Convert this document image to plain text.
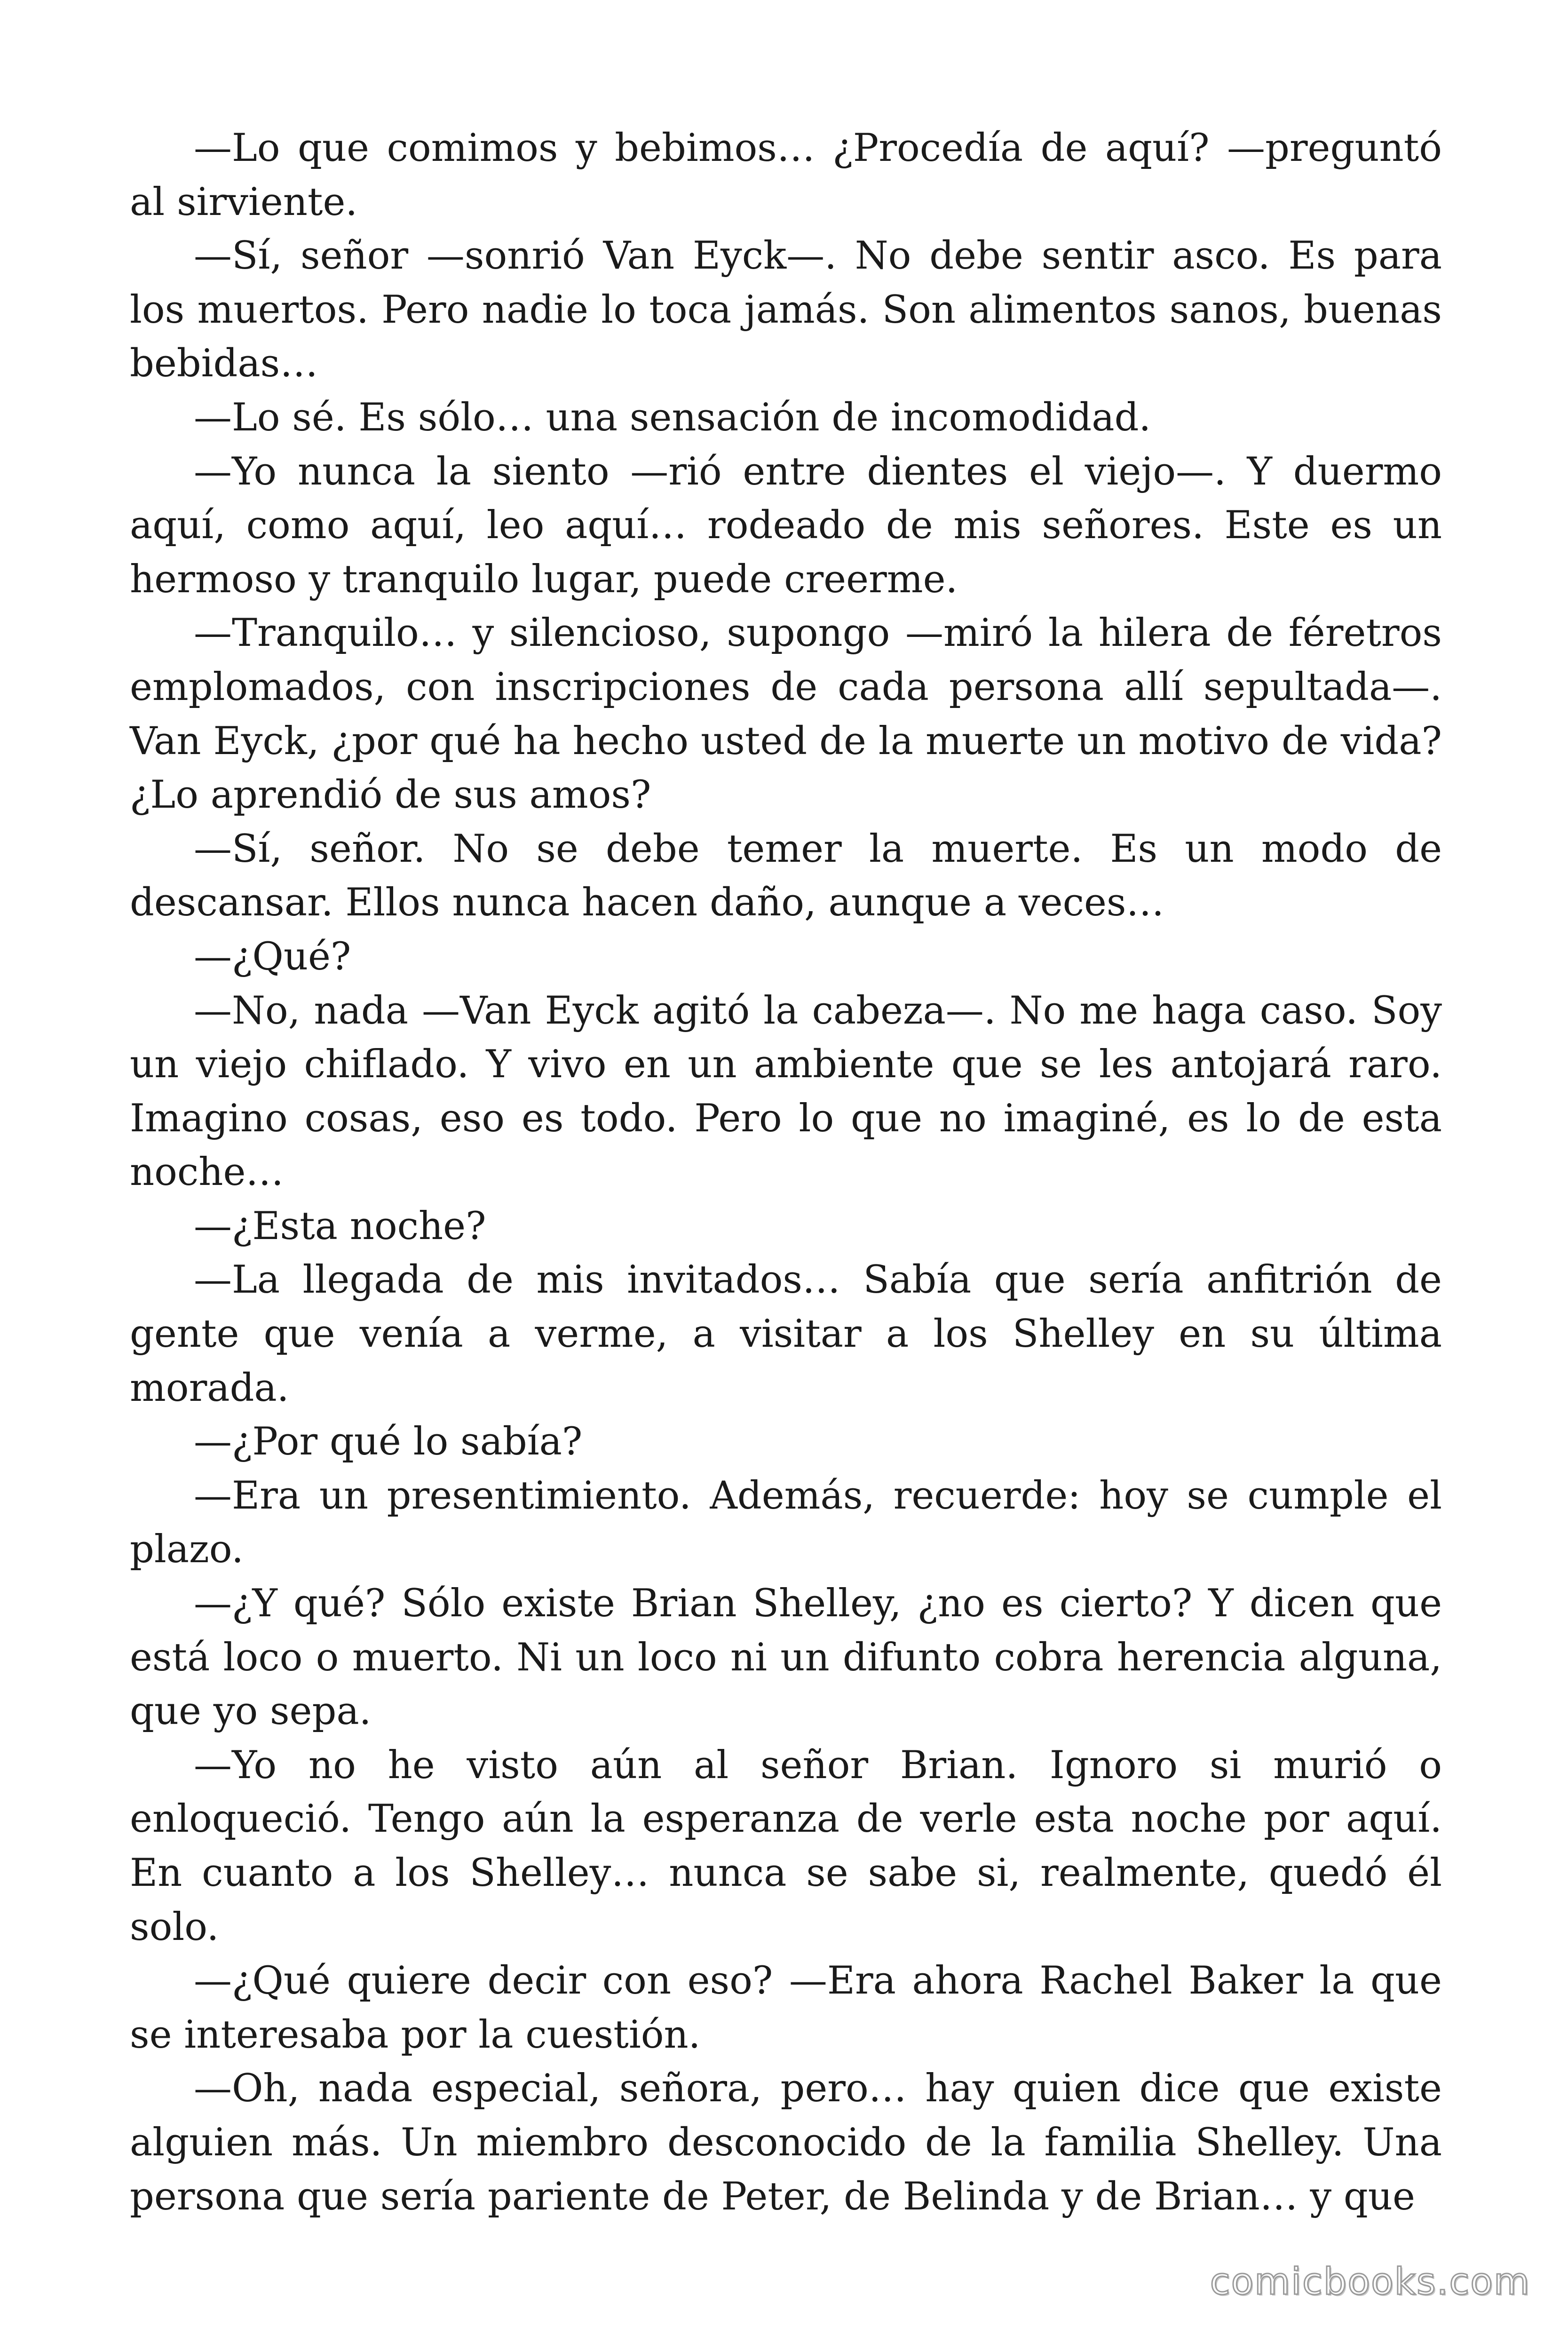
—Lo que comimos y bebimos… ¿Procedía de aquí? —preguntó al sirviente.

—Sí, señor —sonrió Van Eyck—. No debe sentir asco. Es para los muertos. Pero nadie lo toca jamás. Son alimentos sanos, buenas bebidas…

—Lo sé. Es sólo… una sensación de incomodidad.

—Yo nunca la siento —rió entre dientes el viejo—. Y duermo aquí, como aquí, leo aquí… rodeado de mis señores. Este es un hermoso y tranquilo lugar, puede creerme.

—Tranquilo… y silencioso, supongo —miró la hilera de féretros emplomados, con inscripciones de cada persona allí sepultada—. Van Eyck, ¿por qué ha hecho usted de la muerte un motivo de vida? ¿Lo aprendió de sus amos?

—Sí, señor. No se debe temer la muerte. Es un modo de descansar. Ellos nunca hacen daño, aunque a veces…

—¿Qué?

—No, nada —Van Eyck agitó la cabeza—. No me haga caso. Soy un viejo chiflado. Y vivo en un ambiente que se les antojará raro. Imagino cosas, eso es todo. Pero lo que no imaginé, es lo de esta noche…

—¿Esta noche?

—La llegada de mis invitados… Sabía que sería anfitrión de gente que venía a verme, a visitar a los Shelley en su última morada.

—¿Por qué lo sabía?

—Era un presentimiento. Además, recuerde: hoy se cumple el plazo.

—¿Y qué? Sólo existe Brian Shelley, ¿no es cierto? Y dicen que está loco o muerto. Ni un loco ni un difunto cobra herencia alguna, que yo sepa.

—Yo no he visto aún al señor Brian. Ignoro si murió o enloqueció. Tengo aún la esperanza de verle esta noche por aquí. En cuanto a los Shelley… nunca se sabe si, realmente, quedó él solo.

—¿Qué quiere decir con eso? —Era ahora Rachel Baker la que se interesaba por la cuestión.

—Oh, nada especial, señora, pero… hay quien dice que existe alguien más. Un miembro desconocido de la familia Shelley. Una persona que sería pariente de Peter, de Belinda y de Brian… y que

comicbooks.com
